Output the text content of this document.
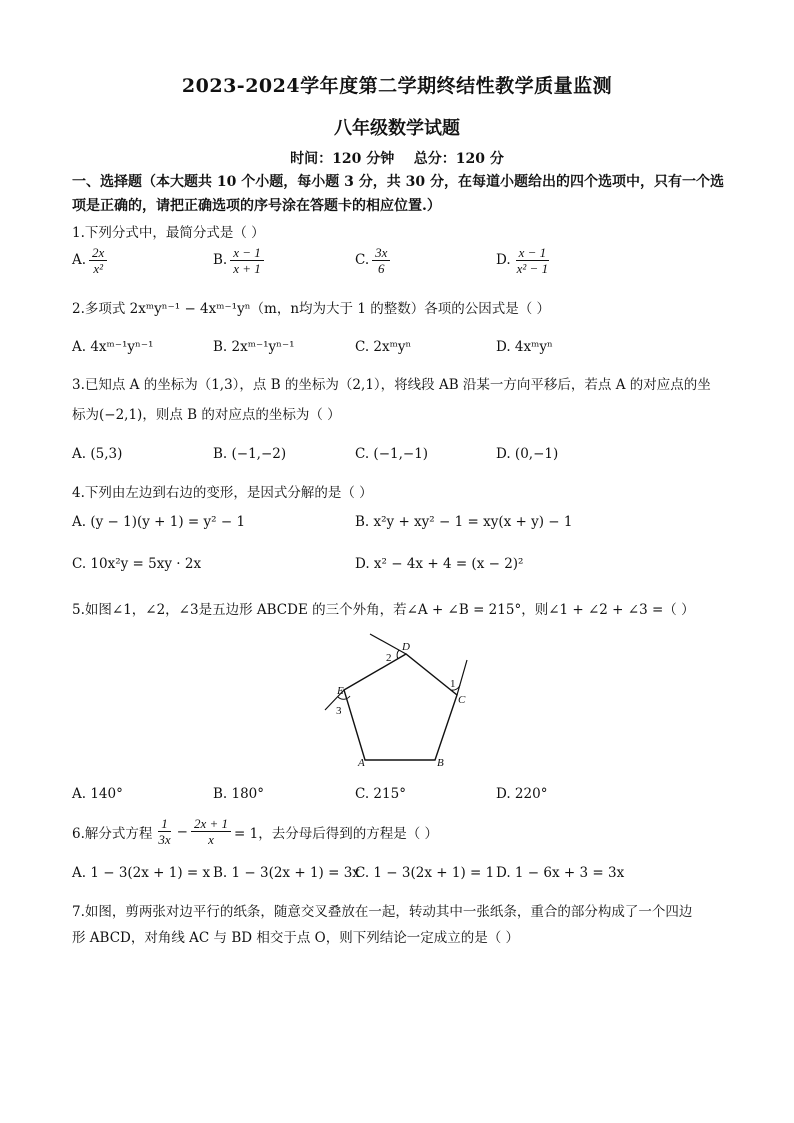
2023-2024学年度第二学期终结性教学质量监测
八年级数学试题
时间：120 分钟    总分：120 分
一、选择题（本大题共 10 个小题，每小题 3 分，共 30 分，在每道小题给出的四个选项中，只有一个选项是正确的，请把正确选项的序号涂在答题卡的相应位置.）
1.下列分式中，最简分式是（ ）
A. $\frac{2x}{\text{x²}}$	B. $\frac{x - 1}{x + 1}$	C. $\frac{3x}{6}$	D. $\frac{x - 1}{\text{x² − 1}}$
2.多项式 2xᵐyⁿ⁻¹ − 4xᵐ⁻¹yⁿ（m，n均为大于 1 的整数）各项的公因式是（ ）
A. 4xᵐ⁻¹yⁿ⁻¹	B. 2xᵐ⁻¹yⁿ⁻¹	C. 2xᵐyⁿ	D. 4xᵐyⁿ
3.已知点 A 的坐标为（1,3），点 B 的坐标为（2,1），将线段 AB 沿某一方向平移后，若点 A 的对应点的坐
标为(−2,1)，则点 B 的对应点的坐标为（ ）
A. (5,3)	B. (−1,−2)	C. (−1,−1)	D. (0,−1)
4.下列由左边到右边的变形，是因式分解的是（ ）
A. (y − 1)(y + 1) = y² − 1	B. x²y + xy² − 1 = xy(x + y) − 1
C. 10x²y = 5xy · 2x	D. x² − 4x + 4 = (x − 2)²
5.如图∠1，∠2，∠3是五边形 ABCDE 的三个外角，若∠A + ∠B = 215°，则∠1 + ∠2 + ∠3 =（ ）
D
C
E
A	B
1
2
3
A. 140°	B. 180°	C. 215°	D. 220°
6.解分式方程 $\frac{1}{3x} - \frac{2x + 1}{x} = 1$，去分母后得到的方程是（ ）
A. 1 − 3(2x + 1) = x B. 1 − 3(2x + 1) = 3x
C. 1 − 3(2x + 1) = 1 D. 1 − 6x + 3 = 3x
7.如图，剪两张对边平行的纸条，随意交叉叠放在一起，转动其中一张纸条，重合的部分构成了一个四边
形 ABCD，对角线 AC 与 BD 相交于点 O，则下列结论一定成立的是（ ）
